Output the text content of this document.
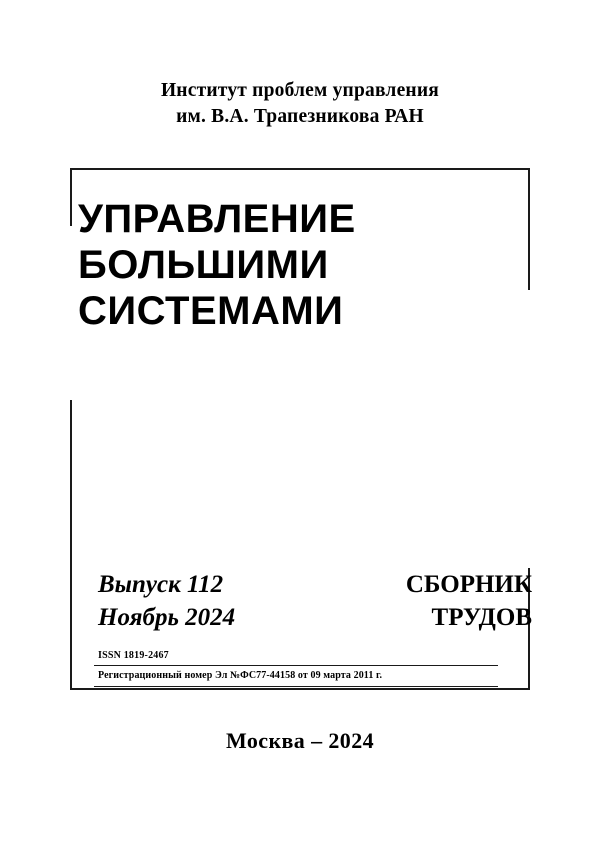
Институт проблем управления
им. В.А. Трапезникова РАН
УПРАВЛЕНИЕ
БОЛЬШИМИ
СИСТЕМАМИ
Выпуск 112
Ноябрь 2024
СБОРНИК
ТРУДОВ
ISSN 1819-2467
Регистрационный номер Эл №ФС77-44158 от 09 марта 2011 г.
Москва – 2024
